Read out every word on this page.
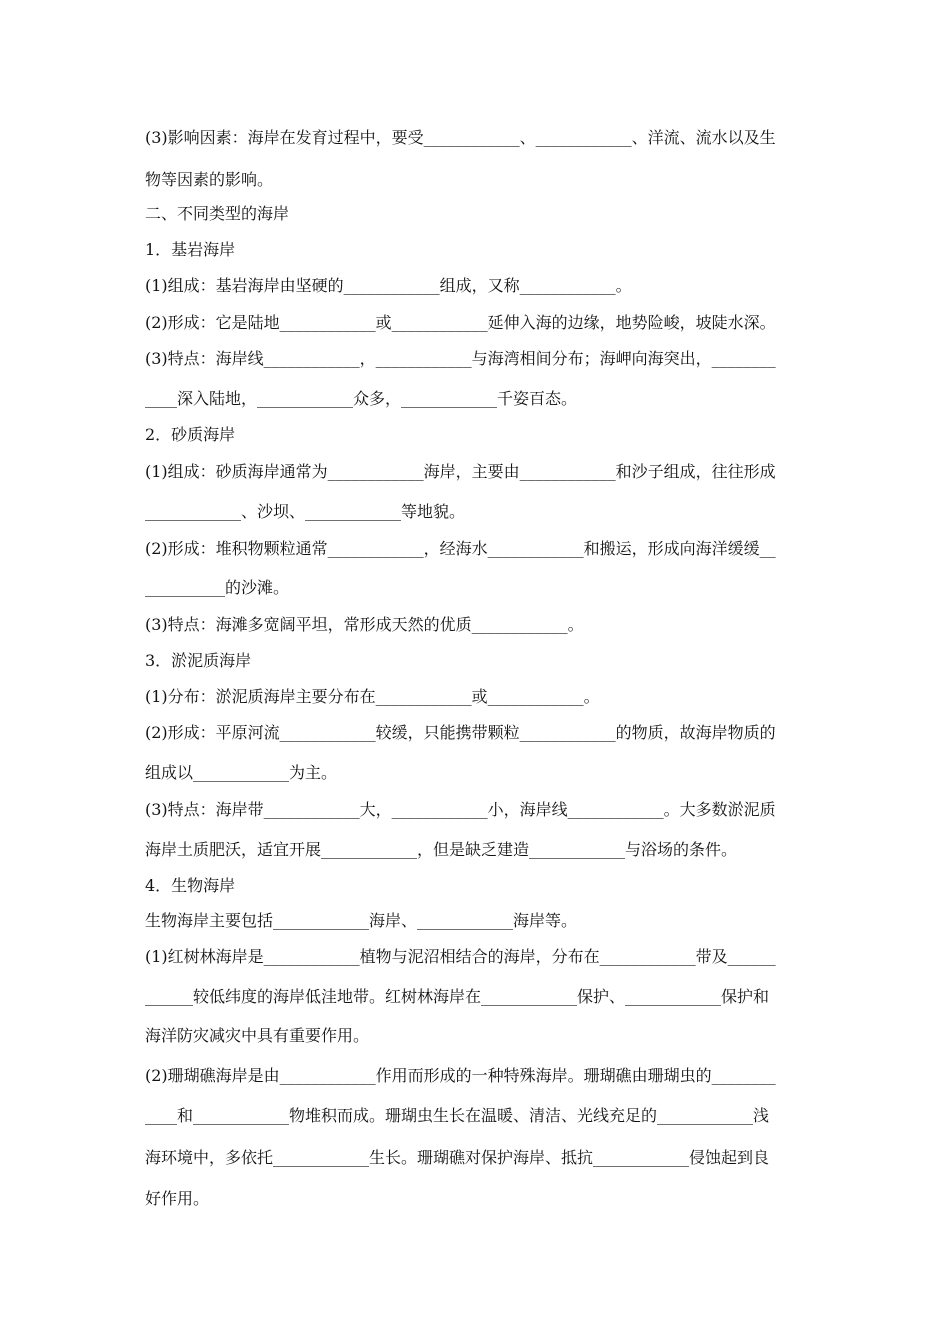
(3)影响因素：海岸在发育过程中，要受____________、____________、洋流、流水以及生

物等因素的影响。

二、不同类型的海岸

1．基岩海岸

(1)组成：基岩海岸由坚硬的____________组成，又称____________。

(2)形成：它是陆地____________或____________延伸入海的边缘，地势险峻，坡陡水深。

(3)特点：海岸线____________，____________与海湾相间分布；海岬向海突出，________

____深入陆地，____________众多，____________千姿百态。

2．砂质海岸

(1)组成：砂质海岸通常为____________海岸，主要由____________和沙子组成，往往形成

____________、沙坝、____________等地貌。

(2)形成：堆积物颗粒通常____________，经海水____________和搬运，形成向海洋缓缓__

__________的沙滩。

(3)特点：海滩多宽阔平坦，常形成天然的优质____________。

3．淤泥质海岸

(1)分布：淤泥质海岸主要分布在____________或____________。

(2)形成：平原河流____________较缓，只能携带颗粒____________的物质，故海岸物质的

组成以____________为主。

(3)特点：海岸带____________大，____________小，海岸线____________。大多数淤泥质

海岸土质肥沃，适宜开展____________，但是缺乏建造____________与浴场的条件。

4．生物海岸

生物海岸主要包括____________海岸、____________海岸等。

(1)红树林海岸是____________植物与泥沼相结合的海岸，分布在____________带及______

______较低纬度的海岸低洼地带。红树林海岸在____________保护、____________保护和

海洋防灾减灾中具有重要作用。

(2)珊瑚礁海岸是由____________作用而形成的一种特殊海岸。珊瑚礁由珊瑚虫的________

____和____________物堆积而成。珊瑚虫生长在温暖、清洁、光线充足的____________浅

海环境中，多依托____________生长。珊瑚礁对保护海岸、抵抗____________侵蚀起到良

好作用。
